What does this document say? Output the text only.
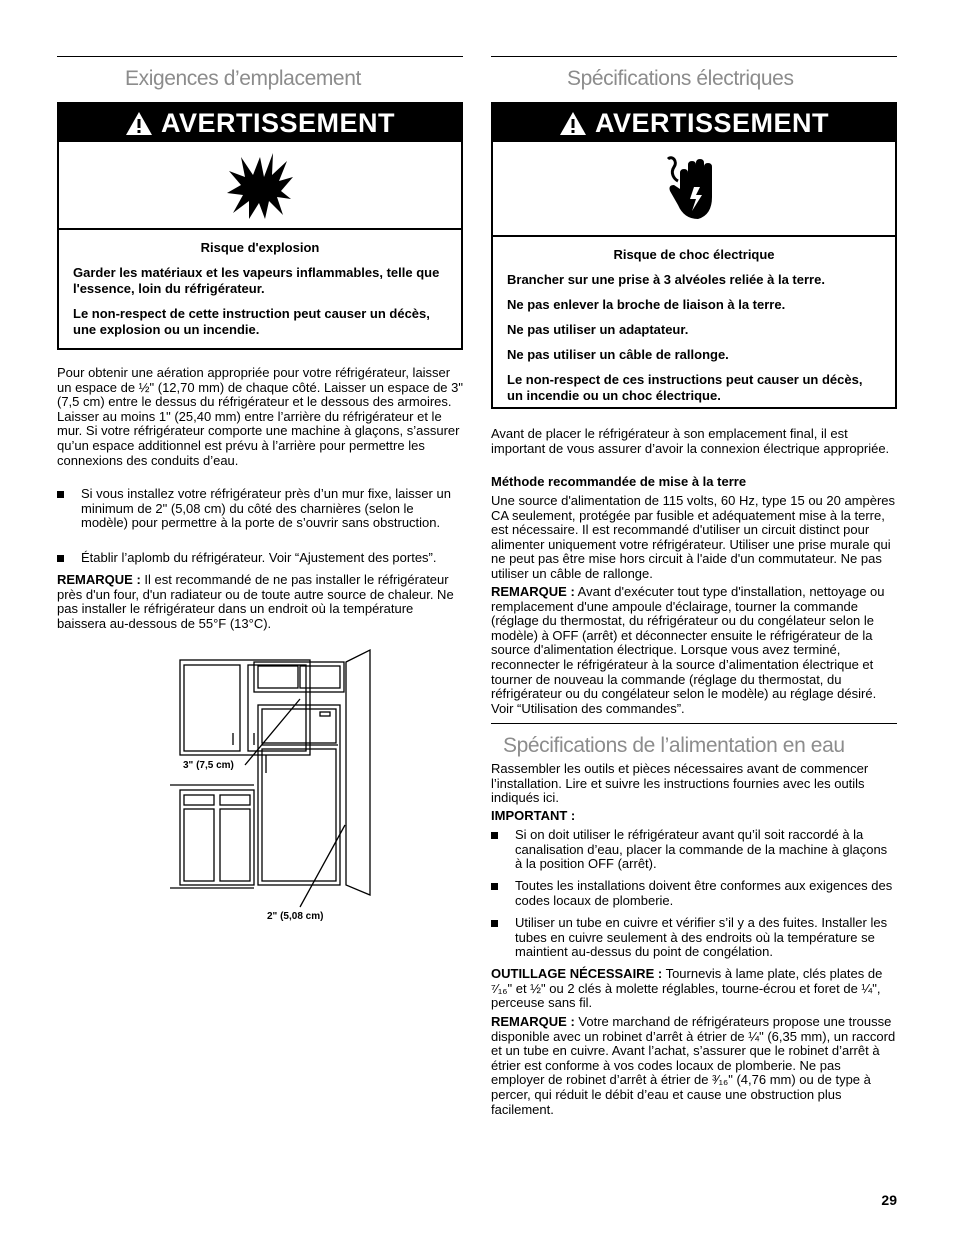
Exigences d’emplacement
AVERTISSEMENT

Risque d'explosion

Garder les matériaux et les vapeurs inflammables, telle que l'essence, loin du réfrigérateur.

Le non-respect de cette instruction peut causer un décès, une explosion ou un incendie.

Pour obtenir une aération appropriée pour votre réfrigérateur, laisser un espace de ½" (12,70 mm) de chaque côté. Laisser un espace de 3" (7,5 cm) entre le dessus du réfrigérateur et le dessous des armoires. Laisser au moins 1" (25,40 mm) entre l’arrière du réfrigérateur et le mur. Si votre réfrigérateur comporte une machine à glaçons, s’assurer qu’un espace additionnel est prévu à l’arrière pour permettre les connexions des conduits d’eau.

Si vous installez votre réfrigérateur près d’un mur fixe, laisser un minimum de 2" (5,08 cm) du côté des charnières (selon le modèle) pour permettre à la porte de s’ouvrir sans obstruction.
Établir l’aplomb du réfrigérateur. Voir “Ajustement des portes”.

REMARQUE : Il est recommandé de ne pas installer le réfrigérateur près d'un four, d'un radiateur ou de toute autre source de chaleur. Ne pas installer le réfrigérateur dans un endroit où la température baissera au-dessous de 55°F (13°C).

3" (7,5 cm)
2" (5,08 cm)
Spécifications électriques
AVERTISSEMENT

Risque de choc électrique

Brancher sur une prise à 3 alvéoles reliée à la terre.

Ne pas enlever la broche de liaison à la terre.

Ne pas utiliser un adaptateur.

Ne pas utiliser un câble de rallonge.

Le non-respect de ces instructions peut causer un décès, un incendie ou un choc électrique.

Avant de placer le réfrigérateur à son emplacement final, il est important de vous assurer d’avoir la connexion électrique appropriée.

Méthode recommandée de mise à la terre

Une source d'alimentation de 115 volts, 60 Hz, type 15 ou 20 ampères CA seulement, protégée par fusible et adéquatement mise à la terre, est nécessaire. Il est recommandé d'utiliser un circuit distinct pour alimenter uniquement votre réfrigérateur. Utiliser une prise murale qui ne peut pas être mise hors circuit à l'aide d'un commutateur. Ne pas utiliser un câble de rallonge.

REMARQUE : Avant d'exécuter tout type d'installation, nettoyage ou remplacement d'une ampoule d'éclairage, tourner la commande (réglage du thermostat, du réfrigérateur ou du congélateur selon le modèle) à OFF (arrêt) et déconnecter ensuite le réfrigérateur de la source d'alimentation électrique. Lorsque vous avez terminé, reconnecter le réfrigérateur à la source d’alimentation électrique et tourner de nouveau la commande (réglage du thermostat, du réfrigérateur ou du congélateur selon le modèle) au réglage désiré. Voir “Utilisation des commandes”.

Spécifications de l’alimentation en eau

Rassembler les outils et pièces nécessaires avant de commencer l’installation. Lire et suivre les instructions fournies avec les outils indiqués ici.

IMPORTANT :

Si on doit utiliser le réfrigérateur avant qu’il soit raccordé à la canalisation d’eau, placer la commande de la machine à glaçons à la position OFF (arrêt).
Toutes les installations doivent être conformes aux exigences des codes locaux de plomberie.
Utiliser un tube en cuivre et vérifier s’il y a des fuites. Installer les tubes en cuivre seulement à des endroits où la température se maintient au-dessus du point de congélation.

OUTILLAGE NÉCESSAIRE : Tournevis à lame plate, clés plates de ⁷⁄₁₆" et ½" ou 2 clés à molette réglables, tourne-écrou et foret de ¼", perceuse sans fil.

REMARQUE : Votre marchand de réfrigérateurs propose une trousse disponible avec un robinet d’arrêt à étrier de ¼" (6,35 mm), un raccord et un tube en cuivre. Avant l’achat, s’assurer que le robinet d’arrêt à étrier est conforme à vos codes locaux de plomberie. Ne pas employer de robinet d’arrêt à étrier de ³⁄₁₆" (4,76 mm) ou de type à percer, qui réduit le débit d’eau et cause une obstruction plus facilement.

29
